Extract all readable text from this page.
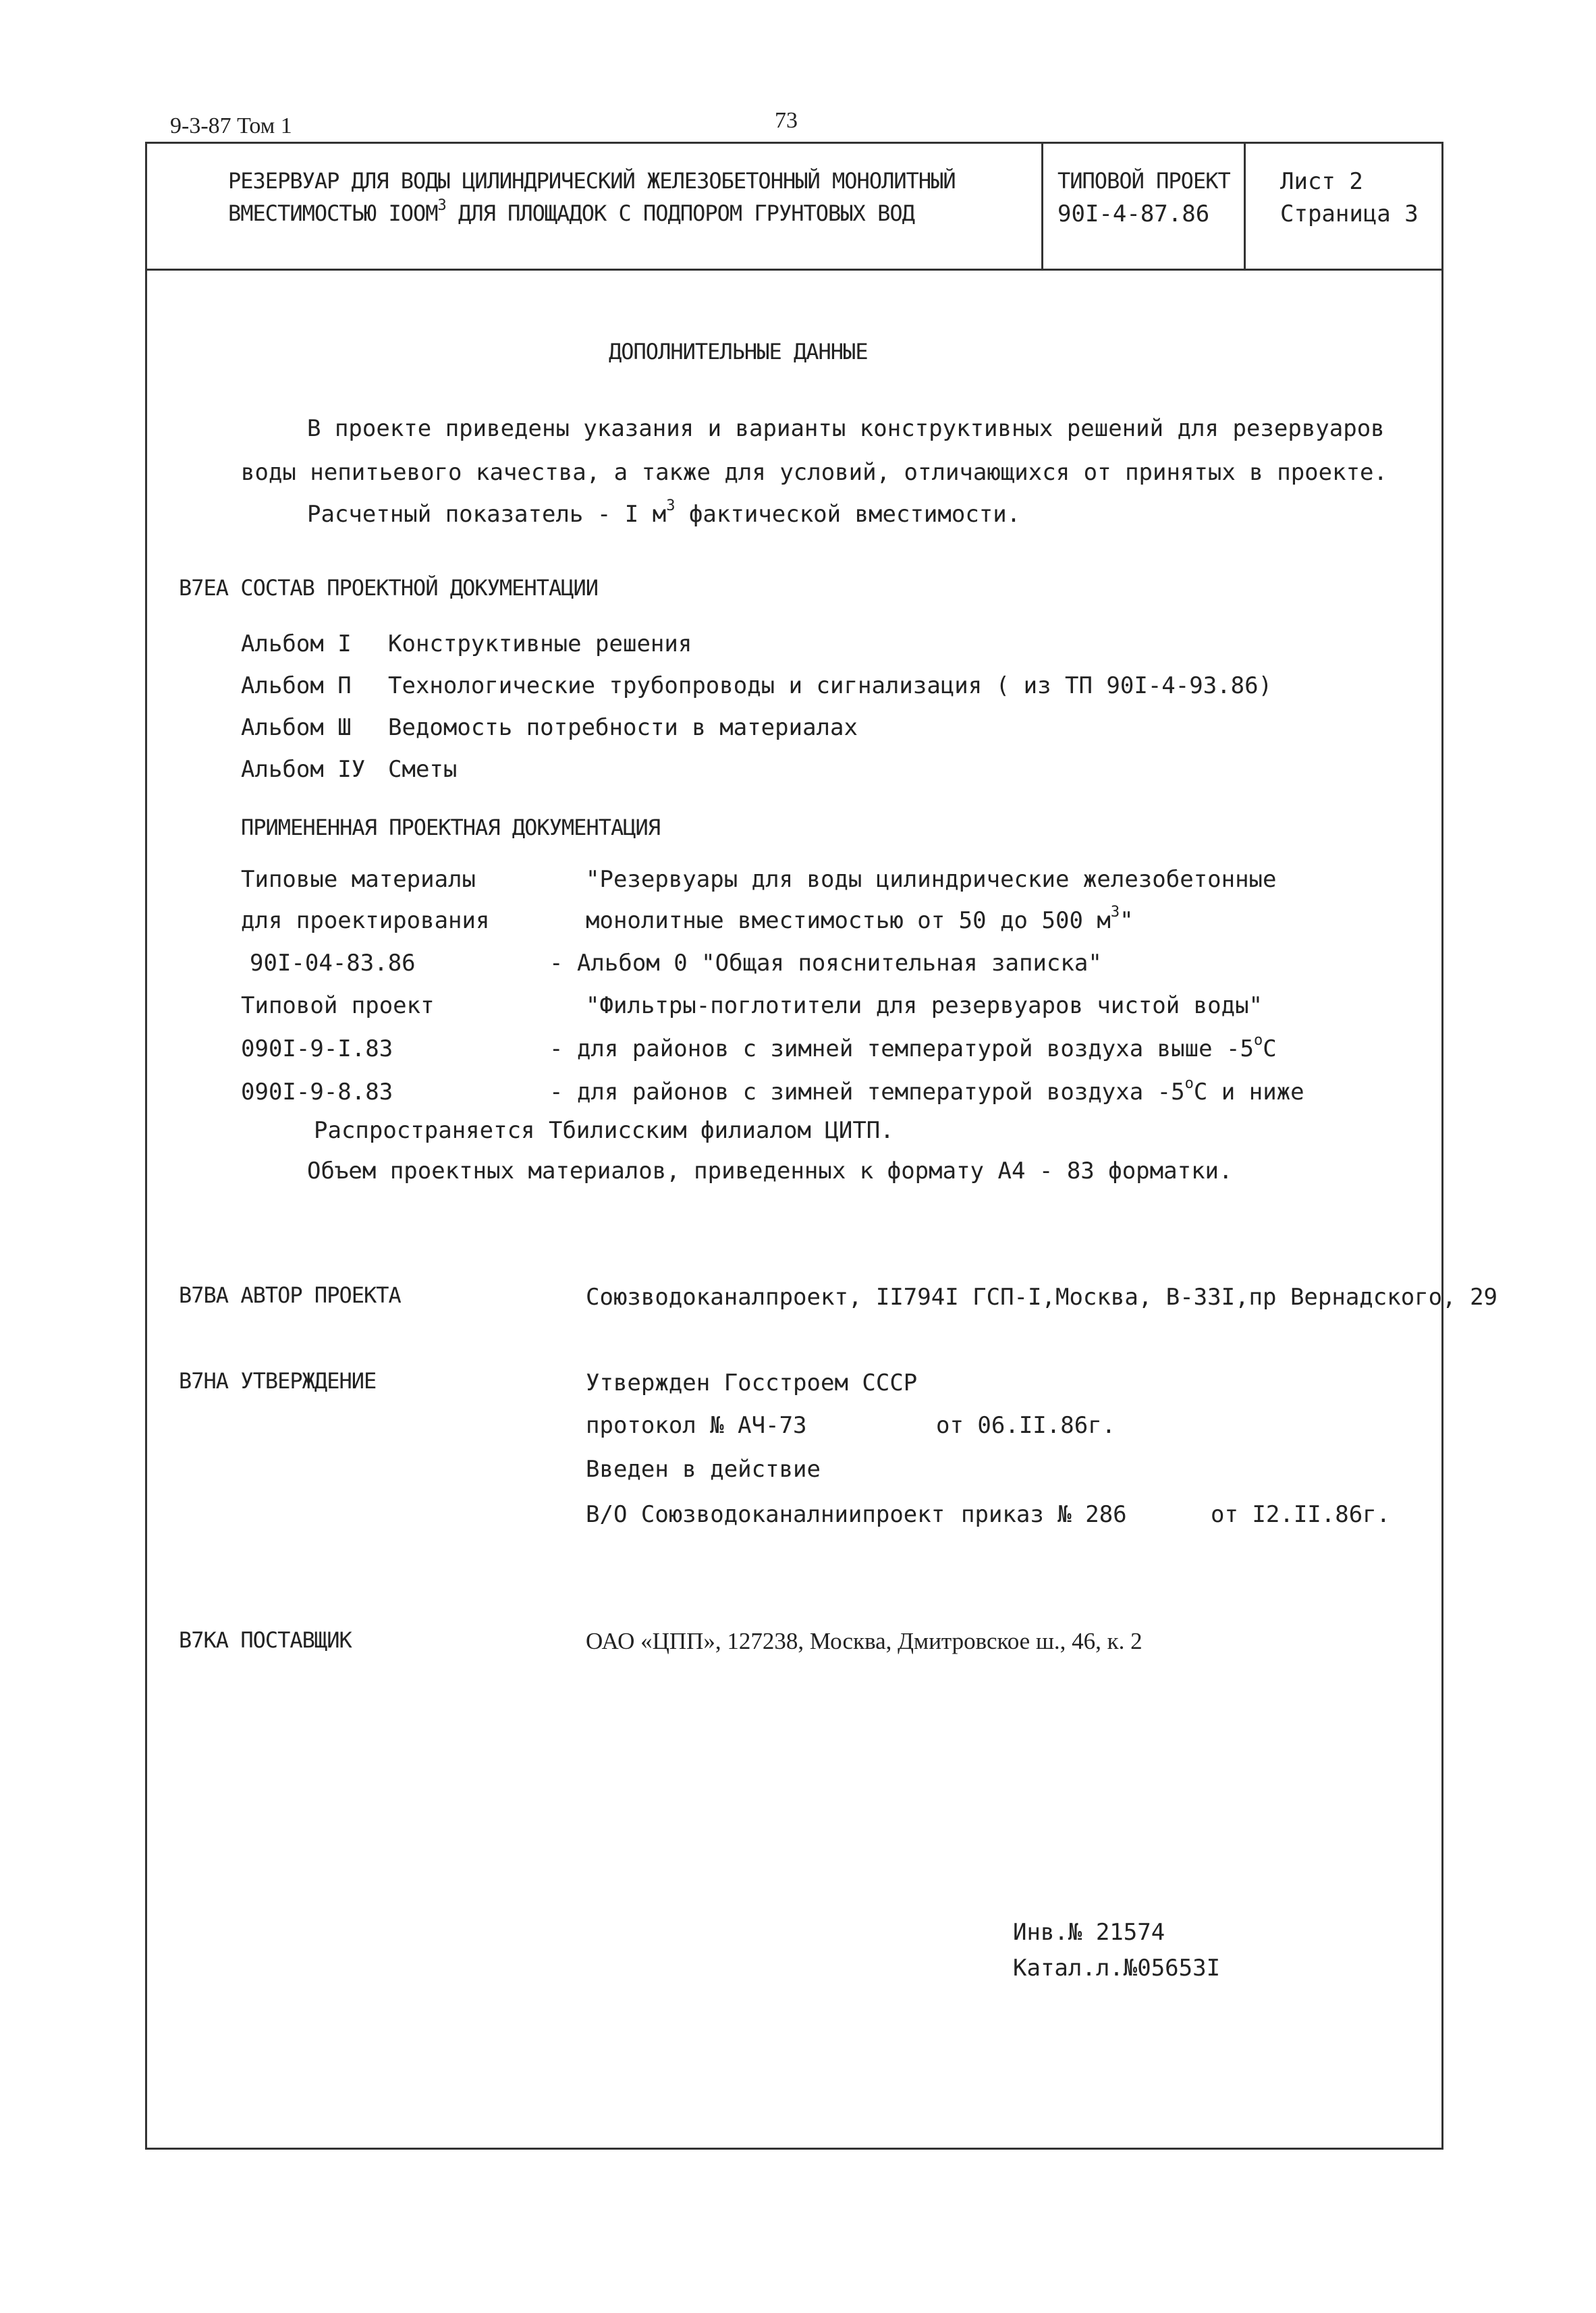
9-3-87 Том 1	73
РЕЗЕРВУАР ДЛЯ ВОДЫ ЦИЛИНДРИЧЕСКИЙ ЖЕЛЕЗОБЕТОННЫЙ МОНОЛИТНЫЙ
ВМЕСТИМОСТЬЮ IOOM$^3$ ДЛЯ ПЛОЩАДОК С ПОДПОРОМ ГРУНТОВЫХ ВОД
ТИПОВОЙ ПРОЕКТ
90I-4-87.86
Лист 2
Страница 3
ДОПОЛНИТЕЛЬНЫЕ ДАННЫЕ
В проекте приведены указания и варианты конструктивных решений для резервуаров
воды непитьевого качества, а также для условий, отличающихся от принятых в проекте.
Расчетный показатель - I $м^3$ фактической вместимости.
В7ЕА СОСТАВ ПРОЕКТНОЙ ДОКУМЕНТАЦИИ
Альбом I Конструктивные решения
Альбом П Технологические трубопроводы и сигнализация ( из ТП 90I-4-93.86)
Альбом Ш Ведомость потребности в материалах
Альбом IУ Сметы
ПРИМЕНЕННАЯ ПРОЕКТНАЯ ДОКУМЕНТАЦИЯ
Типовые материалы	"Резервуары для воды цилиндрические железобетонные
для проектирования	монолитные вместимостью от 50 до 500 $м^3$"
90I-04-83.86	- Альбом 0 "Общая пояснительная записка"
Типовой проект	"Фильтры-поглотители для резервуаров чистой воды"
090I-9-I.83	- для районов с зимней температурой воздуха выше $-5^оС$
090I-9-8.83	- для районов с зимней температурой воздуха $-5^оС$ и ниже
Распространяется Тбилисским филиалом ЦИТП.
Объем проектных материалов, приведенных к формату А4 - 83 форматки.
В7ВА АВТОР ПРОЕКТА	Союзводоканалпроект, II794I ГСП-I,Москва, В-33I,пр Вернадского, 29
В7НА УТВЕРЖДЕНИЕ	Утвержден Госстроем СССР
протокол № АЧ-73	от 06.II.86г.
Введен в действие
В/О Союзводоканалниипроект приказ № 286	от I2.II.86г.
В7КА ПОСТАВЩИК	ОАО «ЦПП», 127238, Москва, Дмитровское ш., 46, к. 2
Инв.№ 21574
Катал.л.№05653I
